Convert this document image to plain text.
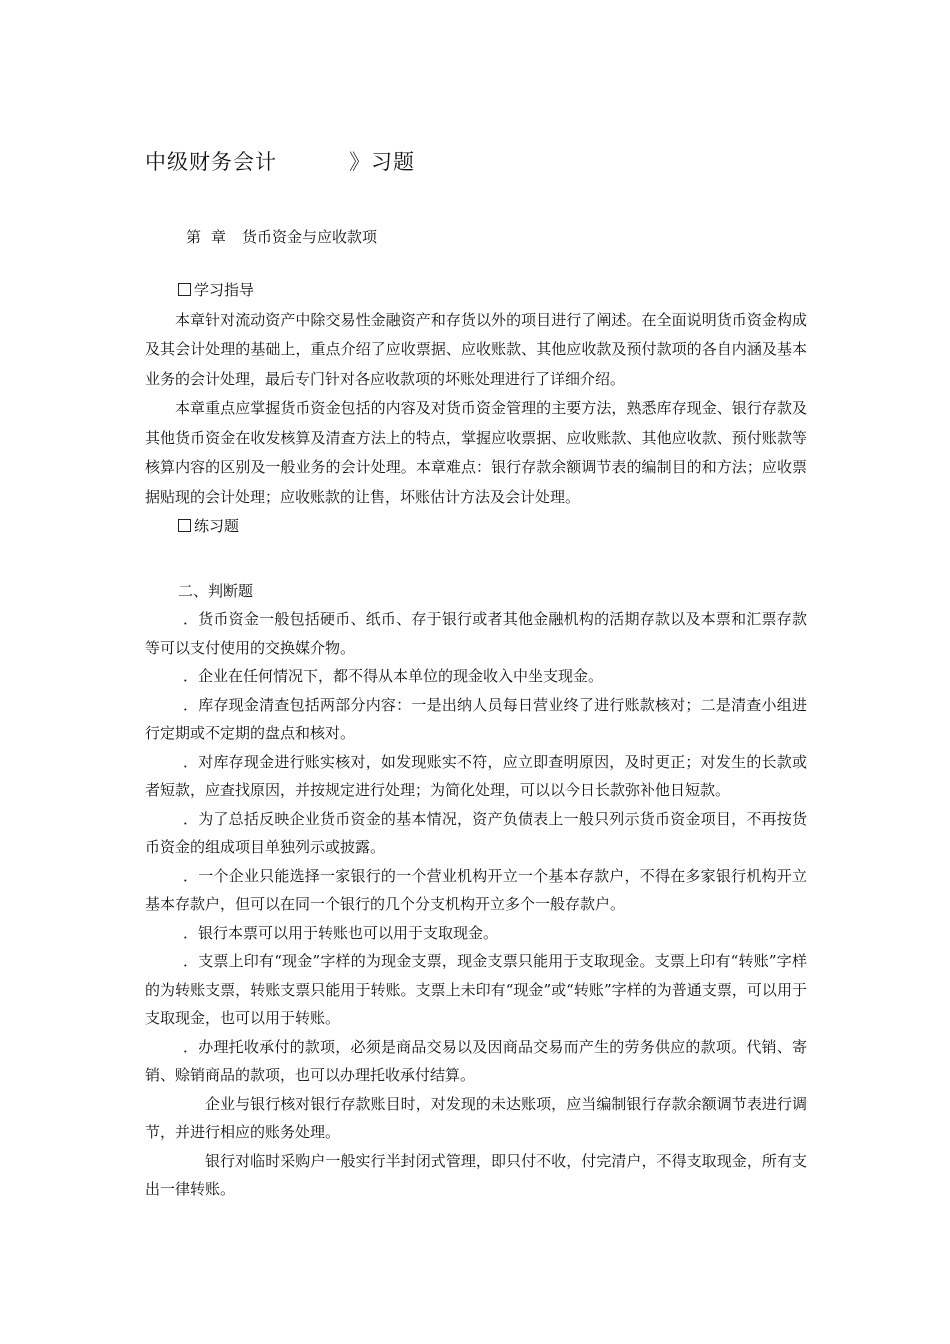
中级财务会计	》习题
第 章 货币资金与应收款项
学习指导

本章针对流动资产中除交易性金融资产和存货以外的项目进行了阐述。在全面说明货币资金构成及其会计处理的基础上，重点介绍了应收票据、应收账款、其他应收款及预付款项的各自内涵及基本业务的会计处理，最后专门针对各应收款项的坏账处理进行了详细介绍。

本章重点应掌握货币资金包括的内容及对货币资金管理的主要方法，熟悉库存现金、银行存款及其他货币资金在收发核算及清查方法上的特点，掌握应收票据、应收账款、其他应收款、预付账款等核算内容的区别及一般业务的会计处理。本章难点：银行存款余额调节表的编制目的和方法；应收票据贴现的会计处理；应收账款的让售，坏账估计方法及会计处理。

练习题
二、判断题

．货币资金一般包括硬币、纸币、存于银行或者其他金融机构的活期存款以及本票和汇票存款等可以支付使用的交换媒介物。

．企业在任何情况下，都不得从本单位的现金收入中坐支现金。

．库存现金清查包括两部分内容：一是出纳人员每日营业终了进行账款核对；二是清查小组进行定期或不定期的盘点和核对。

．对库存现金进行账实核对，如发现账实不符，应立即查明原因，及时更正；对发生的长款或者短款，应查找原因，并按规定进行处理；为简化处理，可以以今日长款弥补他日短款。

．为了总括反映企业货币资金的基本情况，资产负债表上一般只列示货币资金项目，不再按货币资金的组成项目单独列示或披露。

．一个企业只能选择一家银行的一个营业机构开立一个基本存款户，不得在多家银行机构开立基本存款户，但可以在同一个银行的几个分支机构开立多个一般存款户。

．银行本票可以用于转账也可以用于支取现金。

．支票上印有“现金”字样的为现金支票，现金支票只能用于支取现金。支票上印有“转账”字样的为转账支票，转账支票只能用于转账。支票上未印有“现金”或“转账”字样的为普通支票，可以用于支取现金，也可以用于转账。

．办理托收承付的款项，必须是商品交易以及因商品交易而产生的劳务供应的款项。代销、寄销、赊销商品的款项，也可以办理托收承付结算。

企业与银行核对银行存款账目时，对发现的未达账项，应当编制银行存款余额调节表进行调节，并进行相应的账务处理。

银行对临时采购户一般实行半封闭式管理，即只付不收，付完清户，不得支取现金，所有支出一律转账。
